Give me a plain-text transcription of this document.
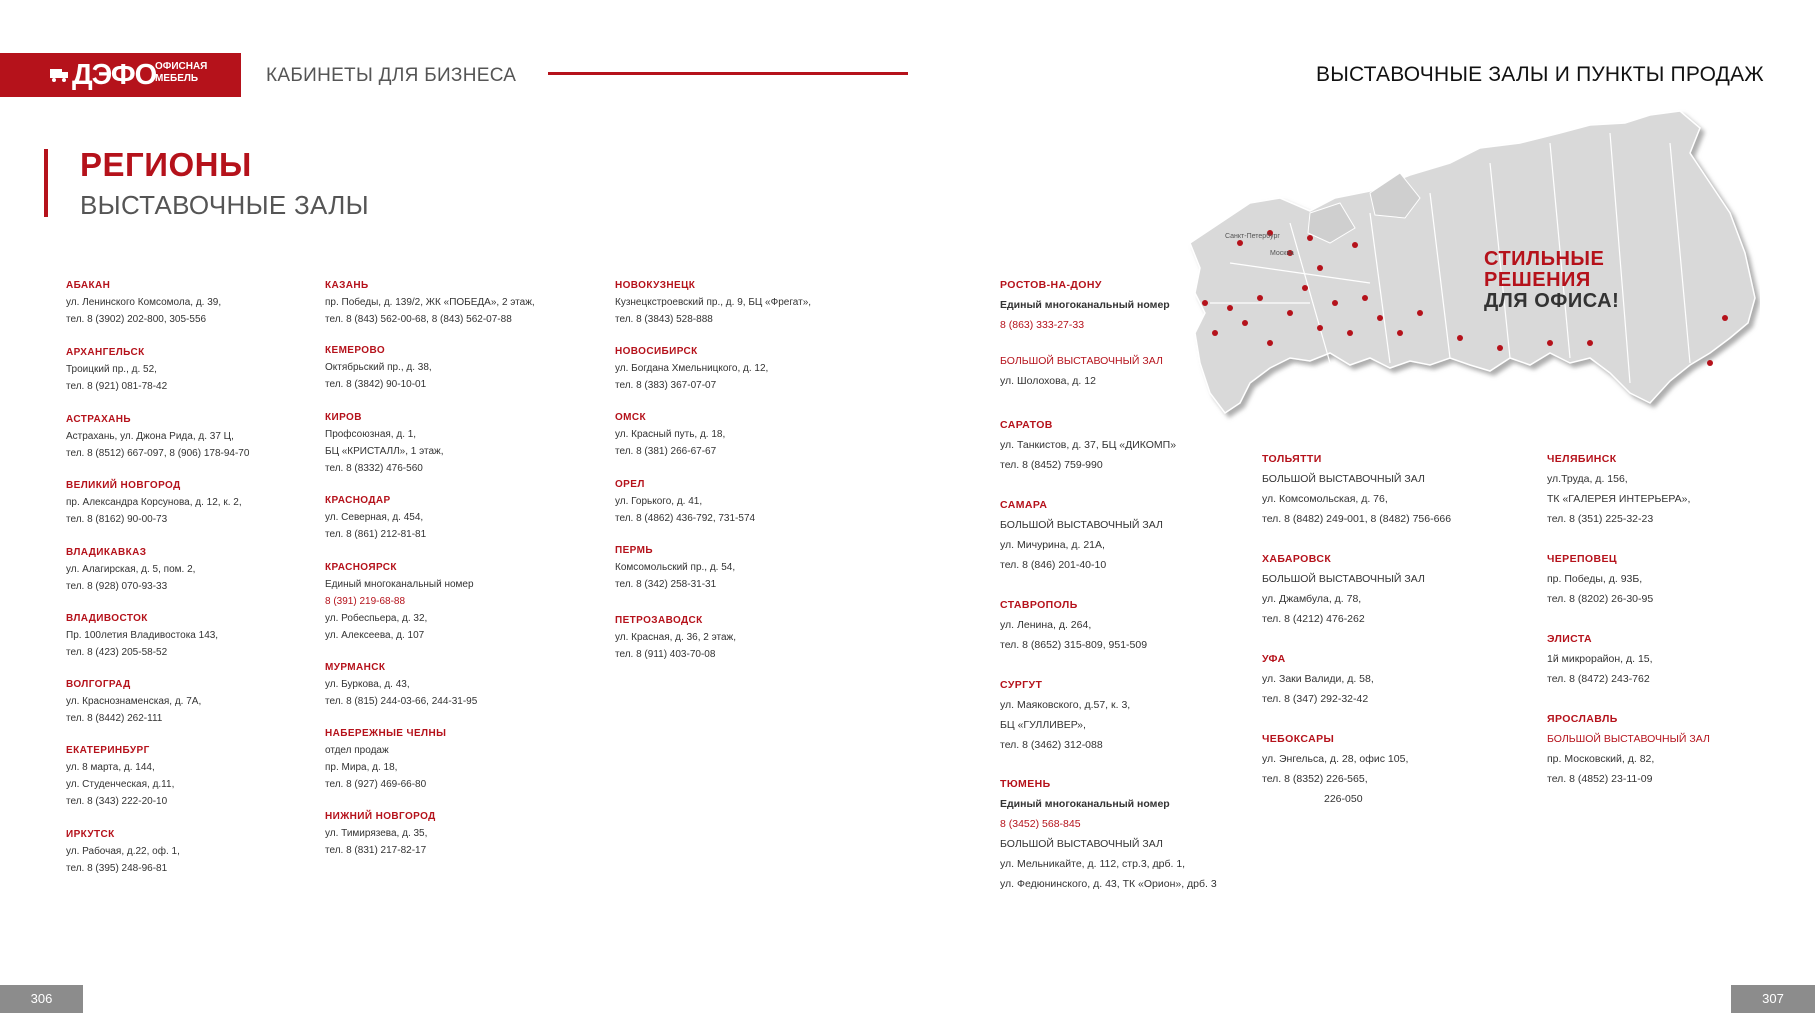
ДЭФО
ОФИСНАЯ МЕБЕЛЬ	КАБИНЕТЫ ДЛЯ БИЗНЕСА	ВЫСТАВОЧНЫЕ ЗАЛЫ И ПУНКТЫ ПРОДАЖ
РЕГИОНЫ
ВЫСТАВОЧНЫЕ ЗАЛЫ
АБАКАН
ул. Ленинского Комсомола, д. 39,
тел. 8 (3902) 202-800, 305-556
АРХАНГЕЛЬСК
Троицкий пр., д. 52,
тел. 8 (921) 081-78-42
АСТРАХАНЬ
Астрахань, ул. Джона Рида, д. 37 Ц,
тел. 8 (8512) 667-097, 8 (906) 178-94-70
ВЕЛИКИЙ НОВГОРОД
пр. Александра Корсунова, д. 12, к. 2,
тел. 8 (8162) 90-00-73
ВЛАДИКАВКАЗ
ул. Алагирская, д. 5, пом. 2,
тел. 8 (928) 070-93-33
ВЛАДИВОСТОК
Пр. 100летия Владивостока 143,
тел. 8 (423) 205-58-52
ВОЛГОГРАД
ул. Краснознаменская, д. 7А,
тел. 8 (8442) 262-111
ЕКАТЕРИНБУРГ
ул. 8 марта, д. 144,
ул. Студенческая, д.11,
тел. 8 (343) 222-20-10
ИРКУТСК
ул. Рабочая, д.22, оф. 1,
тел. 8 (395) 248-96-81
КАЗАНЬ
пр. Победы, д. 139/2, ЖК «ПОБЕДА», 2 этаж,
тел. 8 (843) 562-00-68, 8 (843) 562-07-88
КЕМЕРОВО
Октябрьский пр., д. 38,
тел. 8 (3842) 90-10-01
КИРОВ
Профсоюзная, д. 1,
БЦ «КРИСТАЛЛ», 1 этаж,
тел. 8 (8332) 476-560
КРАСНОДАР
ул. Северная, д. 454,
тел. 8 (861) 212-81-81
КРАСНОЯРСК
Единый многоканальный номер
8 (391) 219-68-88
ул. Робеспьера, д. 32,
ул. Алексеева, д. 107
МУРМАНСК
ул. Буркова, д. 43,
тел. 8 (815) 244-03-66, 244-31-95
НАБЕРЕЖНЫЕ ЧЕЛНЫ
отдел продаж
пр. Мира, д. 18,
тел. 8 (927) 469-66-80
НИЖНИЙ НОВГОРОД
ул. Тимирязева, д. 35,
тел. 8 (831) 217-82-17
НОВОКУЗНЕЦК
Кузнецкстроевский пр., д. 9, БЦ «Фрегат»,
тел. 8 (3843) 528-888
НОВОСИБИРСК
ул. Богдана Хмельницкого, д. 12,
тел. 8 (383) 367-07-07
ОМСК
ул. Красный путь, д. 18,
тел. 8 (381) 266-67-67
ОРЕЛ
ул. Горького, д. 41,
тел. 8 (4862) 436-792, 731-574
ПЕРМЬ
Комсомольский пр., д. 54,
тел. 8 (342) 258-31-31
ПЕТРОЗАВОДСК
ул. Красная, д. 36, 2 этаж,
тел. 8 (911) 403-70-08
РОСТОВ-НА-ДОНУ
Единый многоканальный номер
8 (863) 333-27-33
БОЛЬШОЙ ВЫСТАВОЧНЫЙ ЗАЛ
ул. Шолохова, д. 12
САРАТОВ
ул. Танкистов, д. 37, БЦ «ДИКОМП»
тел. 8 (8452) 759-990
САМАРА
БОЛЬШОЙ ВЫСТАВОЧНЫЙ ЗАЛ
ул. Мичурина, д. 21А,
тел. 8 (846) 201-40-10
СТАВРОПОЛЬ
ул. Ленина, д. 264,
тел. 8 (8652) 315-809, 951-509
СУРГУТ
ул. Маяковского, д.57, к. 3,
БЦ «ГУЛЛИВЕР»,
тел. 8 (3462) 312-088
ТЮМЕНЬ
Единый многоканальный номер
8 (3452) 568-845
БОЛЬШОЙ ВЫСТАВОЧНЫЙ ЗАЛ
ул. Мельникайте, д. 112, стр.3, дрб. 1,
ул. Федюнинского, д. 43, ТК «Орион», дрб. 3
ТОЛЬЯТТИ
БОЛЬШОЙ ВЫСТАВОЧНЫЙ ЗАЛ
ул. Комсомольская, д. 76,
тел. 8 (8482) 249-001, 8 (8482) 756-666
ХАБАРОВСК
БОЛЬШОЙ ВЫСТАВОЧНЫЙ ЗАЛ
ул. Джамбула, д. 78,
тел. 8 (4212) 476-262
УФА
ул. Заки Валиди, д. 58,
тел. 8 (347) 292-32-42
ЧЕБОКСАРЫ
ул. Энгельса, д. 28, офис 105,
тел. 8 (8352) 226-565,
226-050
ЧЕЛЯБИНСК
ул.Труда, д. 156,
ТК «ГАЛЕРЕЯ ИНТЕРЬЕРА»,
тел. 8 (351) 225-32-23
ЧЕРЕПОВЕЦ
пр. Победы, д. 93Б,
тел. 8 (8202) 26-30-95
ЭЛИСТА
1й микрорайон, д. 15,
тел. 8 (8472) 243-762
ЯРОСЛАВЛЬ
БОЛЬШОЙ ВЫСТАВОЧНЫЙ ЗАЛ
пр. Московский, д. 82,
тел. 8 (4852) 23-11-09
Москва
Санкт-Петербург
СТИЛЬНЫЕ
РЕШЕНИЯ
ДЛЯ ОФИСА!
306	307
